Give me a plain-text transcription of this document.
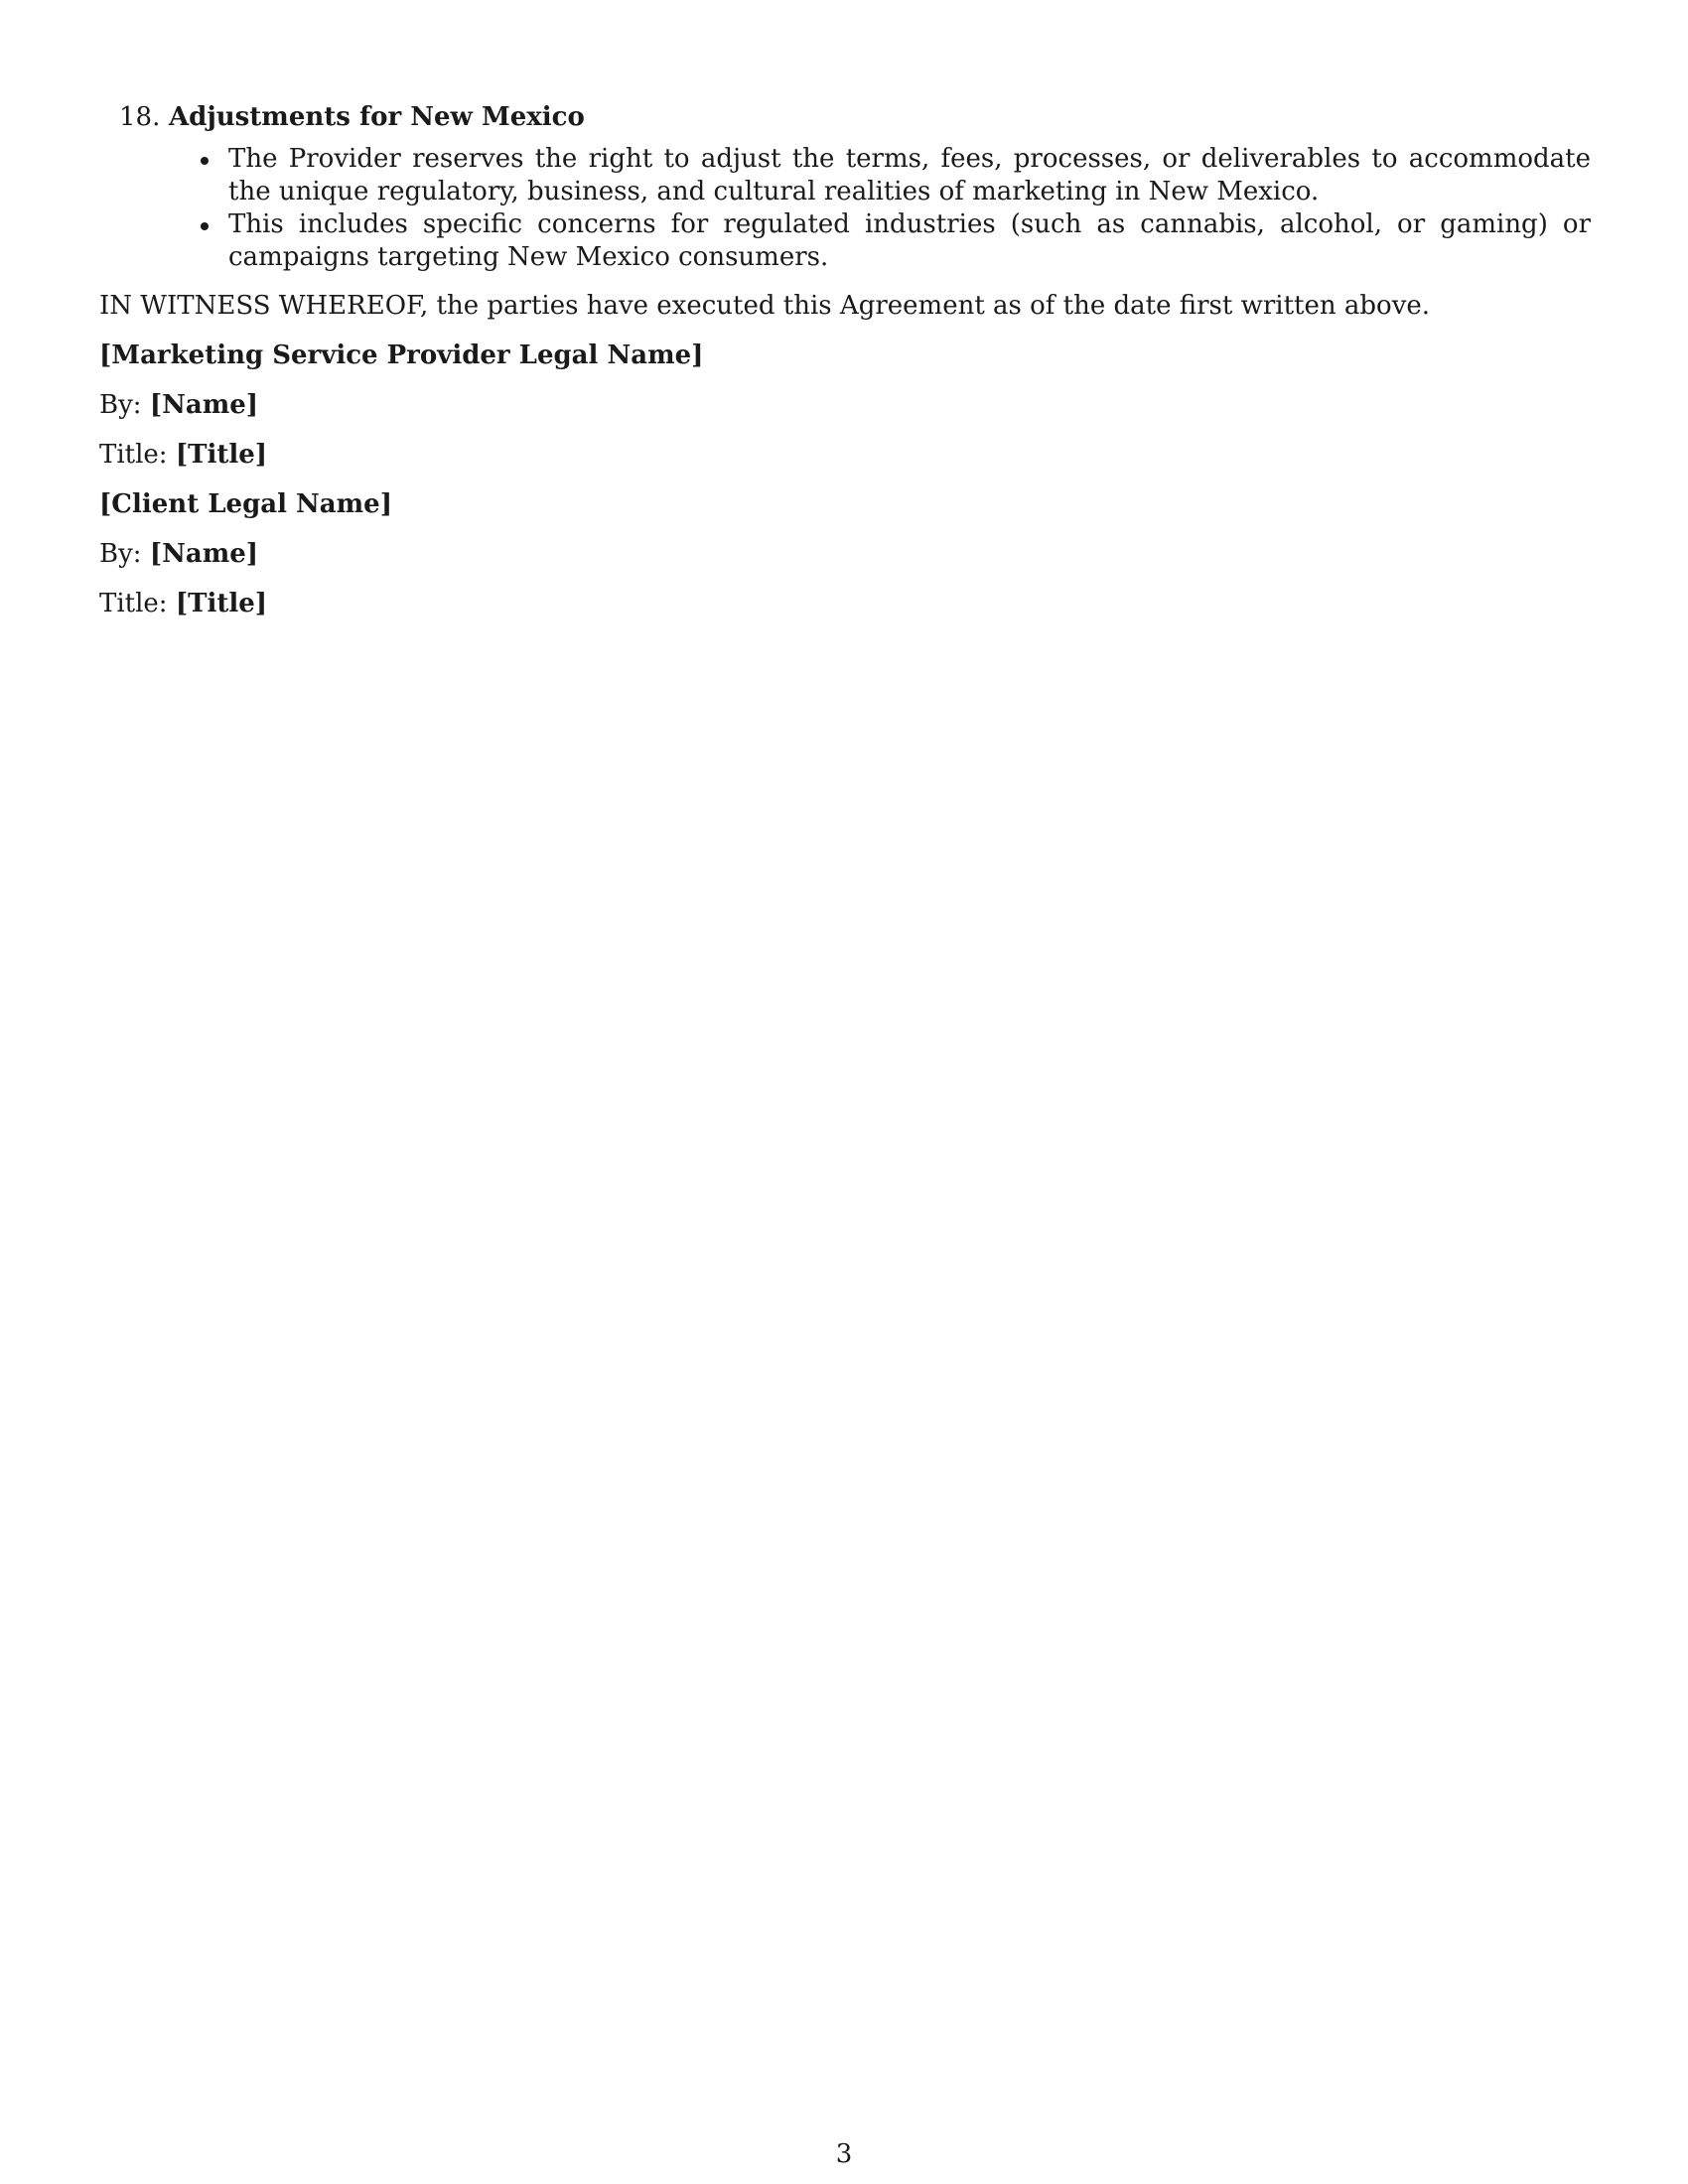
18. Adjustments for New Mexico
The Provider reserves the right to adjust the terms, fees, processes, or deliverables to accommodate the unique regulatory, business, and cultural realities of marketing in New Mexico.
This includes specific concerns for regulated industries (such as cannabis, alcohol, or gaming) or campaigns targeting New Mexico consumers.

IN WITNESS WHEREOF, the parties have executed this Agreement as of the date first written above.

[Marketing Service Provider Legal Name]

By: [Name]

Title: [Title]

[Client Legal Name]

By: [Name]

Title: [Title]

3
